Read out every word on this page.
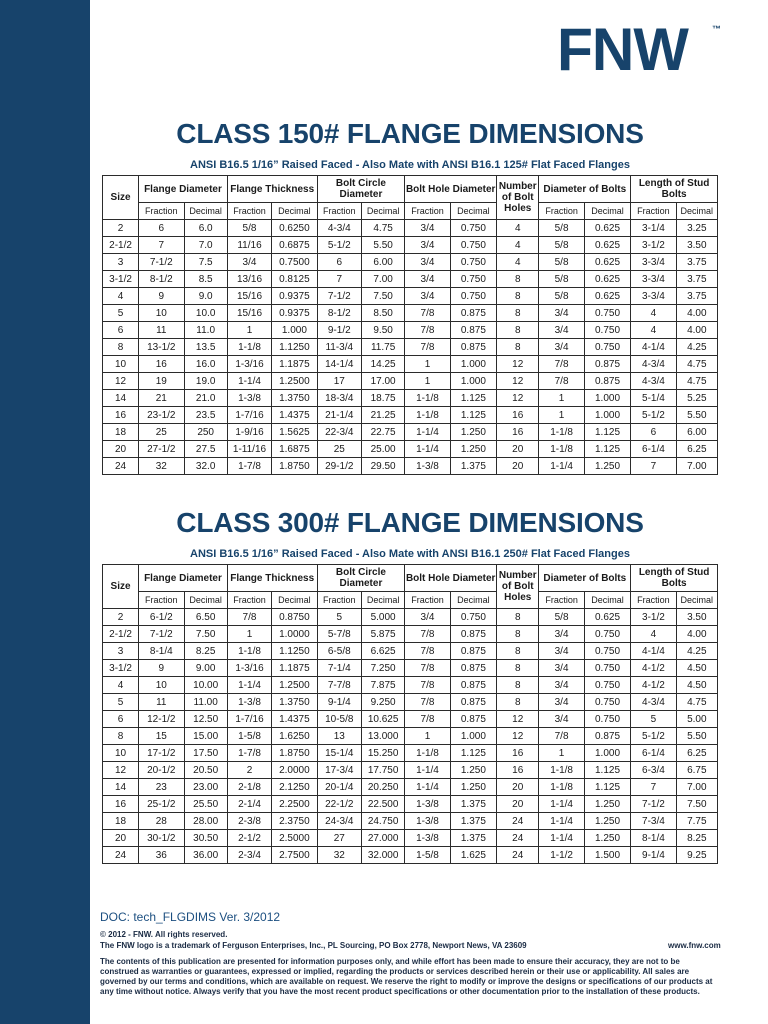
FNW	™
CLASS 150# FLANGE DIMENSIONS
ANSI B16.5 1/16” Raised Faced - Also Mate with ANSI B16.1 125# Flat Faced Flanges
Size	Flange Diameter		Flange Thickness		Bolt Circle Diameter		Bolt Hole Diameter		Number of Bolt Holes	Diameter of Bolts		Length of Stud Bolts	
	Fraction	Decimal	Fraction	Decimal	Fraction	Decimal	Fraction	Decimal		Fraction	Decimal	Fraction	Decimal
2	6	6.0	5/8	0.6250	4-3/4	4.75	3/4	0.750	4	5/8	0.625	3-1/4	3.25
2-1/2	7	7.0	11/16	0.6875	5-1/2	5.50	3/4	0.750	4	5/8	0.625	3-1/2	3.50
3	7-1/2	7.5	3/4	0.7500	6	6.00	3/4	0.750	4	5/8	0.625	3-3/4	3.75
3-1/2	8-1/2	8.5	13/16	0.8125	7	7.00	3/4	0.750	8	5/8	0.625	3-3/4	3.75
4	9	9.0	15/16	0.9375	7-1/2	7.50	3/4	0.750	8	5/8	0.625	3-3/4	3.75
5	10	10.0	15/16	0.9375	8-1/2	8.50	7/8	0.875	8	3/4	0.750	4	4.00
6	11	11.0	1	1.000	9-1/2	9.50	7/8	0.875	8	3/4	0.750	4	4.00
8	13-1/2	13.5	1-1/8	1.1250	11-3/4	11.75	7/8	0.875	8	3/4	0.750	4-1/4	4.25
10	16	16.0	1-3/16	1.1875	14-1/4	14.25	1	1.000	12	7/8	0.875	4-3/4	4.75
12	19	19.0	1-1/4	1.2500	17	17.00	1	1.000	12	7/8	0.875	4-3/4	4.75
14	21	21.0	1-3/8	1.3750	18-3/4	18.75	1-1/8	1.125	12	1	1.000	5-1/4	5.25
16	23-1/2	23.5	1-7/16	1.4375	21-1/4	21.25	1-1/8	1.125	16	1	1.000	5-1/2	5.50
18	25	250	1-9/16	1.5625	22-3/4	22.75	1-1/4	1.250	16	1-1/8	1.125	6	6.00
20	27-1/2	27.5	1-11/16	1.6875	25	25.00	1-1/4	1.250	20	1-1/8	1.125	6-1/4	6.25
24	32	32.0	1-7/8	1.8750	29-1/2	29.50	1-3/8	1.375	20	1-1/4	1.250	7	7.00
CLASS 300# FLANGE DIMENSIONS
ANSI B16.5 1/16” Raised Faced - Also Mate with ANSI B16.1 250# Flat Faced Flanges
Size	Flange Diameter		Flange Thickness		Bolt Circle Diameter		Bolt Hole Diameter		Number of Bolt Holes	Diameter of Bolts		Length of Stud Bolts	
	Fraction	Decimal	Fraction	Decimal	Fraction	Decimal	Fraction	Decimal		Fraction	Decimal	Fraction	Decimal
2	6-1/2	6.50	7/8	0.8750	5	5.000	3/4	0.750	8	5/8	0.625	3-1/2	3.50
2-1/2	7-1/2	7.50	1	1.0000	5-7/8	5.875	7/8	0.875	8	3/4	0.750	4	4.00
3	8-1/4	8.25	1-1/8	1.1250	6-5/8	6.625	7/8	0.875	8	3/4	0.750	4-1/4	4.25
3-1/2	9	9.00	1-3/16	1.1875	7-1/4	7.250	7/8	0.875	8	3/4	0.750	4-1/2	4.50
4	10	10.00	1-1/4	1.2500	7-7/8	7.875	7/8	0.875	8	3/4	0.750	4-1/2	4.50
5	11	11.00	1-3/8	1.3750	9-1/4	9.250	7/8	0.875	8	3/4	0.750	4-3/4	4.75
6	12-1/2	12.50	1-7/16	1.4375	10-5/8	10.625	7/8	0.875	12	3/4	0.750	5	5.00
8	15	15.00	1-5/8	1.6250	13	13.000	1	1.000	12	7/8	0.875	5-1/2	5.50
10	17-1/2	17.50	1-7/8	1.8750	15-1/4	15.250	1-1/8	1.125	16	1	1.000	6-1/4	6.25
12	20-1/2	20.50	2	2.0000	17-3/4	17.750	1-1/4	1.250	16	1-1/8	1.125	6-3/4	6.75
14	23	23.00	2-1/8	2.1250	20-1/4	20.250	1-1/4	1.250	20	1-1/8	1.125	7	7.00
16	25-1/2	25.50	2-1/4	2.2500	22-1/2	22.500	1-3/8	1.375	20	1-1/4	1.250	7-1/2	7.50
18	28	28.00	2-3/8	2.3750	24-3/4	24.750	1-3/8	1.375	24	1-1/4	1.250	7-3/4	7.75
20	30-1/2	30.50	2-1/2	2.5000	27	27.000	1-3/8	1.375	24	1-1/4	1.250	8-1/4	8.25
24	36	36.00	2-3/4	2.7500	32	32.000	1-5/8	1.625	24	1-1/2	1.500	9-1/4	9.25
DOC: tech_FLGDIMS Ver. 3/2012
© 2012 - FNW. All rights reserved.
The FNW logo is a trademark of Ferguson Enterprises, Inc., PL Sourcing, PO Box 2778, Newport News, VA 23609	www.fnw.com
The contents of this publication are presented for information purposes only, and while effort has been made to ensure their accuracy, they are not to be construed as warranties or guarantees, expressed or implied, regarding the products or services described herein or their use or applicability. All sales are governed by our terms and conditions, which are available on request. We reserve the right to modify or improve the designs or specifications of our products at any time without notice. Always verify that you have the most recent product specifications or other documentation prior to the installation of these products.
